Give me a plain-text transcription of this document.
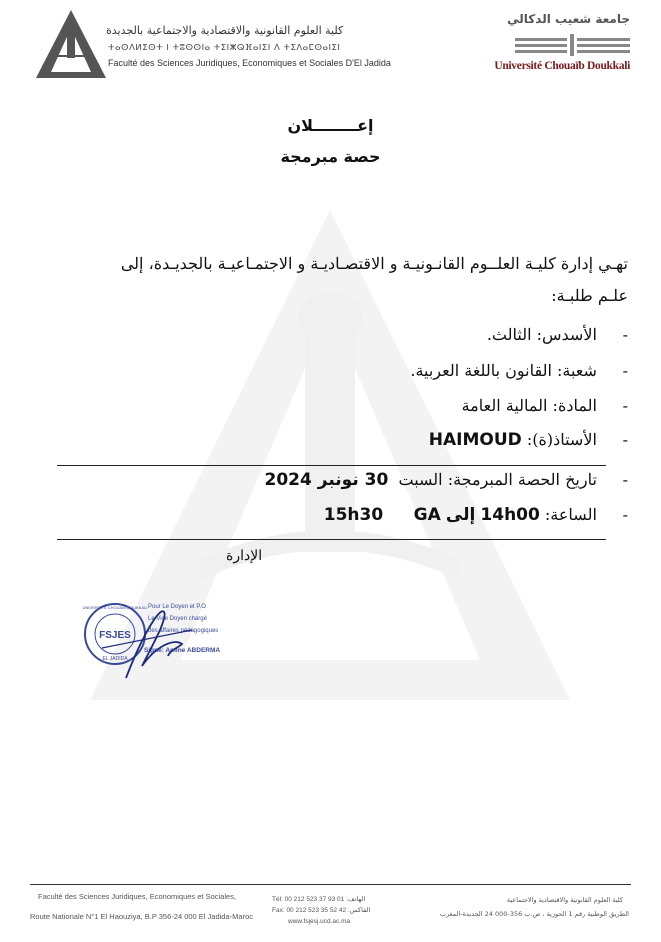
كلية العلوم القانونية والاقتصادية والاجتماعية بالجديدة
ⵜⴰⵙⴷⵍⵉⵙⵜ ⵏ ⵜⵓⵙⵙⵏⴰ ⵜⵉⵏⵥⵕⴼⴰⵏⵉⵏ ⴷ ⵜⵉⴷⴰⵎⵙⴰⵏⵉⵏ
Faculté des Sciences Juridiques, Economiques et Sociales D'El Jadida
جامعة شعيب الدكالي
Université Chouaïb Doukkali
إعــــــــلان
حصة مبرمجة
تهـي إدارة كليـة العلــوم القانـونيـة و الاقتصـاديـة و الاجتمـاعيـة بالجديـدة، إلى
علـم طلبـة:
- الأسدس: الثالث.
- شعبة: القانون باللغة العربية.
- المادة: المالية العامة
- الأستاذ(ة): HAIMOUD
- تاريخ الحصة المبرمجة: السبت  30 نونبر 2024
- الساعة: 14h00 إلى 15h30 GA
الإدارة
FSJES
EL JADIDA
UNIVERSITÉ CHOUAIB DOUKKALI Pour Le Doyen et P.O
Le Vice Doyen chargé
des affaires pédagogiques
Signé: Amine ABDERMA
Faculté des Sciences Juridiques, Economiques et Sociales,
Route Nationale N°1 El Haouziya, B.P 356-24 000 El Jadida-Maroc
Tél: 00 212 523 37 93 01 :الهاتف
Fax: 00 212 523 35 52 42 :الفاكس
www.fsjesj.ucd.ac.ma
كلية العلوم القانونية والاقتصادية والاجتماعية
الطريق الوطنية رقم 1 الحوزية ، ص.ب 356-000 24 الجديدة-المغرب
